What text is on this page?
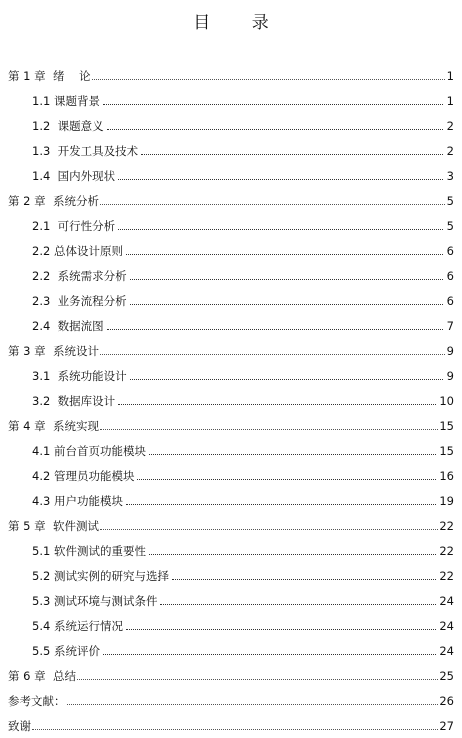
目 录
第 1 章  绪    论	1
1.1 课题背景	1
1.2  课题意义	2
1.3  开发工具及技术	2
1.4  国内外现状	3
第 2 章  系统分析	5
2.1  可行性分析	5
2.2 总体设计原则	6
2.2  系统需求分析	6
2.3  业务流程分析	6
2.4  数据流图	7
第 3 章  系统设计	9
3.1  系统功能设计	9
3.2  数据库设计	10
第 4 章  系统实现	15
4.1 前台首页功能模块	15
4.2 管理员功能模块	16
4.3 用户功能模块	19
第 5 章  软件测试	22
5.1 软件测试的重要性	22
5.2 测试实例的研究与选择	22
5.3 测试环境与测试条件	24
5.4 系统运行情况	24
5.5 系统评价	24
第 6 章  总结	25
参考文献：	26
致谢	27
